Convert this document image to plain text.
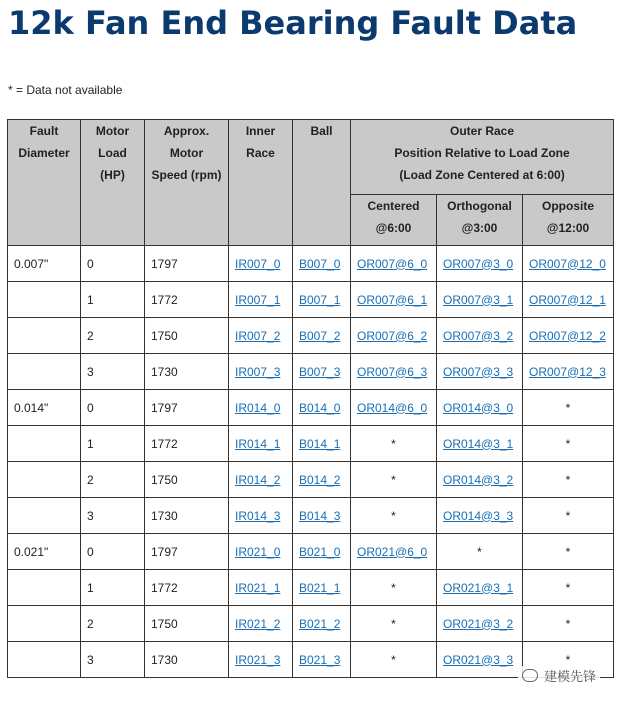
12k Fan End Bearing Fault Data
* = Data not available
Fault Diameter	Motor Load (HP)	Approx. Motor Speed (rpm)	Inner Race	Ball	Outer Race
Position Relative to Load Zone
(Load Zone Centered at 6:00)		

					Centered @6:00	Orthogonal @3:00	Opposite @12:00
0.007"	0	1797	IR007_0	B007_0	OR007@6_0	OR007@3_0	OR007@12_0
	1	1772	IR007_1	B007_1	OR007@6_1	OR007@3_1	OR007@12_1
	2	1750	IR007_2	B007_2	OR007@6_2	OR007@3_2	OR007@12_2
	3	1730	IR007_3	B007_3	OR007@6_3	OR007@3_3	OR007@12_3
0.014"	0	1797	IR014_0	B014_0	OR014@6_0	OR014@3_0	*
	1	1772	IR014_1	B014_1	*	OR014@3_1	*
	2	1750	IR014_2	B014_2	*	OR014@3_2	*
	3	1730	IR014_3	B014_3	*	OR014@3_3	*
0.021"	0	1797	IR021_0	B021_0	OR021@6_0	*	*
	1	1772	IR021_1	B021_1	*	OR021@3_1	*
	2	1750	IR021_2	B021_2	*	OR021@3_2	*
	3	1730	IR021_3	B021_3	*	OR021@3_3	*
建模先锋
